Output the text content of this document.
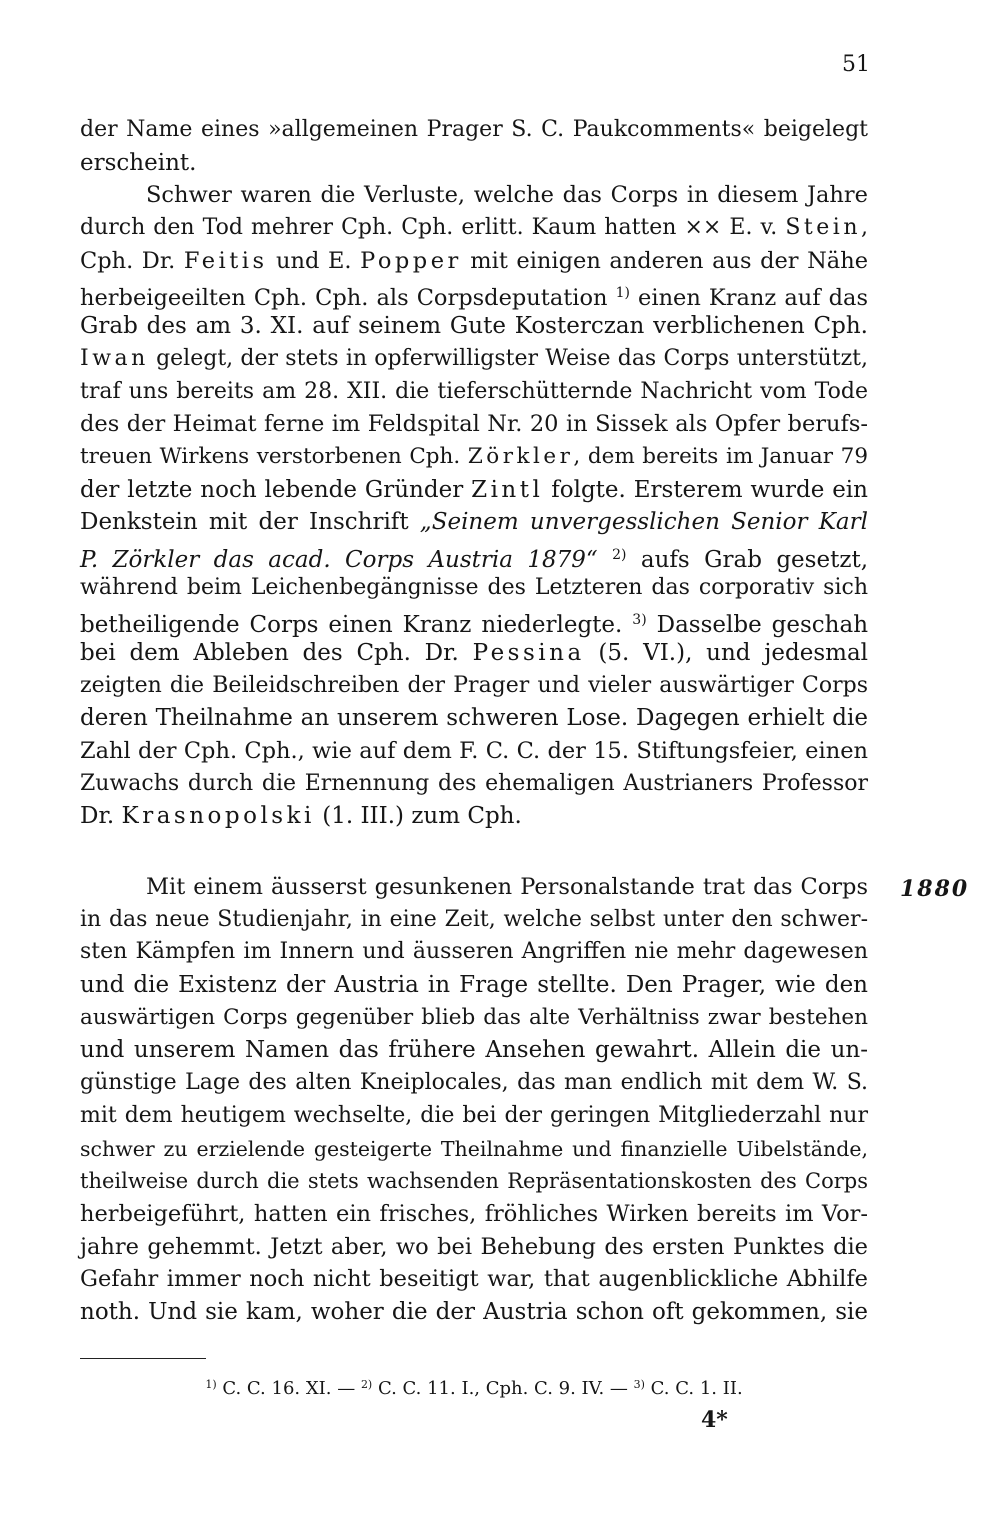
51
der Name eines »allgemeinen Prager S. C. Paukcomments« beigelegt
erscheint.
Schwer waren die Verluste, welche das Corps in diesem Jahre
durch den Tod mehrer Cph. Cph. erlitt. Kaum hatten ×× E. v. Stein,
Cph. Dr. Feitis und E. Popper mit einigen anderen aus der Nähe
herbeigeeilten Cph. Cph. als Corpsdeputation $^{1)}$ einen Kranz auf das
Grab des am 3. XI. auf seinem Gute Kosterczan verblichenen Cph.
Iwan gelegt, der stets in opferwilligster Weise das Corps unterstützt,
traf uns bereits am 28. XII. die tieferschütternde Nachricht vom Tode
des der Heimat ferne im Feldspital Nr. 20 in Sissek als Opfer berufs-
treuen Wirkens verstorbenen Cph. Zörkler, dem bereits im Januar 79
der letzte noch lebende Gründer Zintl folgte. Ersterem wurde ein
Denkstein mit der Inschrift „Seinem unvergesslichen Senior Karl
P. Zörkler das acad. Corps Austria 1879“ $^{2)}$ aufs Grab gesetzt,
während beim Leichenbegängnisse des Letzteren das corporativ sich
betheiligende Corps einen Kranz niederlegte. $^{3)}$ Dasselbe geschah
bei dem Ableben des Cph. Dr. Pessina (5. VI.), und jedesmal
zeigten die Beileidschreiben der Prager und vieler auswärtiger Corps
deren Theilnahme an unserem schweren Lose. Dagegen erhielt die
Zahl der Cph. Cph., wie auf dem F. C. C. der 15. Stiftungsfeier, einen
Zuwachs durch die Ernennung des ehemaligen Austrianers Professor
Dr. Krasnopolski (1. III.) zum Cph.
1880
Mit einem äusserst gesunkenen Personalstande trat das Corps
in das neue Studienjahr, in eine Zeit, welche selbst unter den schwer-
sten Kämpfen im Innern und äusseren Angriffen nie mehr dagewesen
und die Existenz der Austria in Frage stellte. Den Prager, wie den
auswärtigen Corps gegenüber blieb das alte Verhältniss zwar bestehen
und unserem Namen das frühere Ansehen gewahrt. Allein die un-
günstige Lage des alten Kneiplocales, das man endlich mit dem W. S.
mit dem heutigem wechselte, die bei der geringen Mitgliederzahl nur
schwer zu erzielende gesteigerte Theilnahme und finanzielle Uibelstände,
theilweise durch die stets wachsenden Repräsentationskosten des Corps
herbeigeführt, hatten ein frisches, fröhliches Wirken bereits im Vor-
jahre gehemmt. Jetzt aber, wo bei Behebung des ersten Punktes die
Gefahr immer noch nicht beseitigt war, that augenblickliche Abhilfe
noth. Und sie kam, woher die der Austria schon oft gekommen, sie
$^{1)}$ C. C. 16. XI. — $^{2)}$ C. C. 11. I., Cph. C. 9. IV. — $^{3)}$ C. C. 1. II.
4*
